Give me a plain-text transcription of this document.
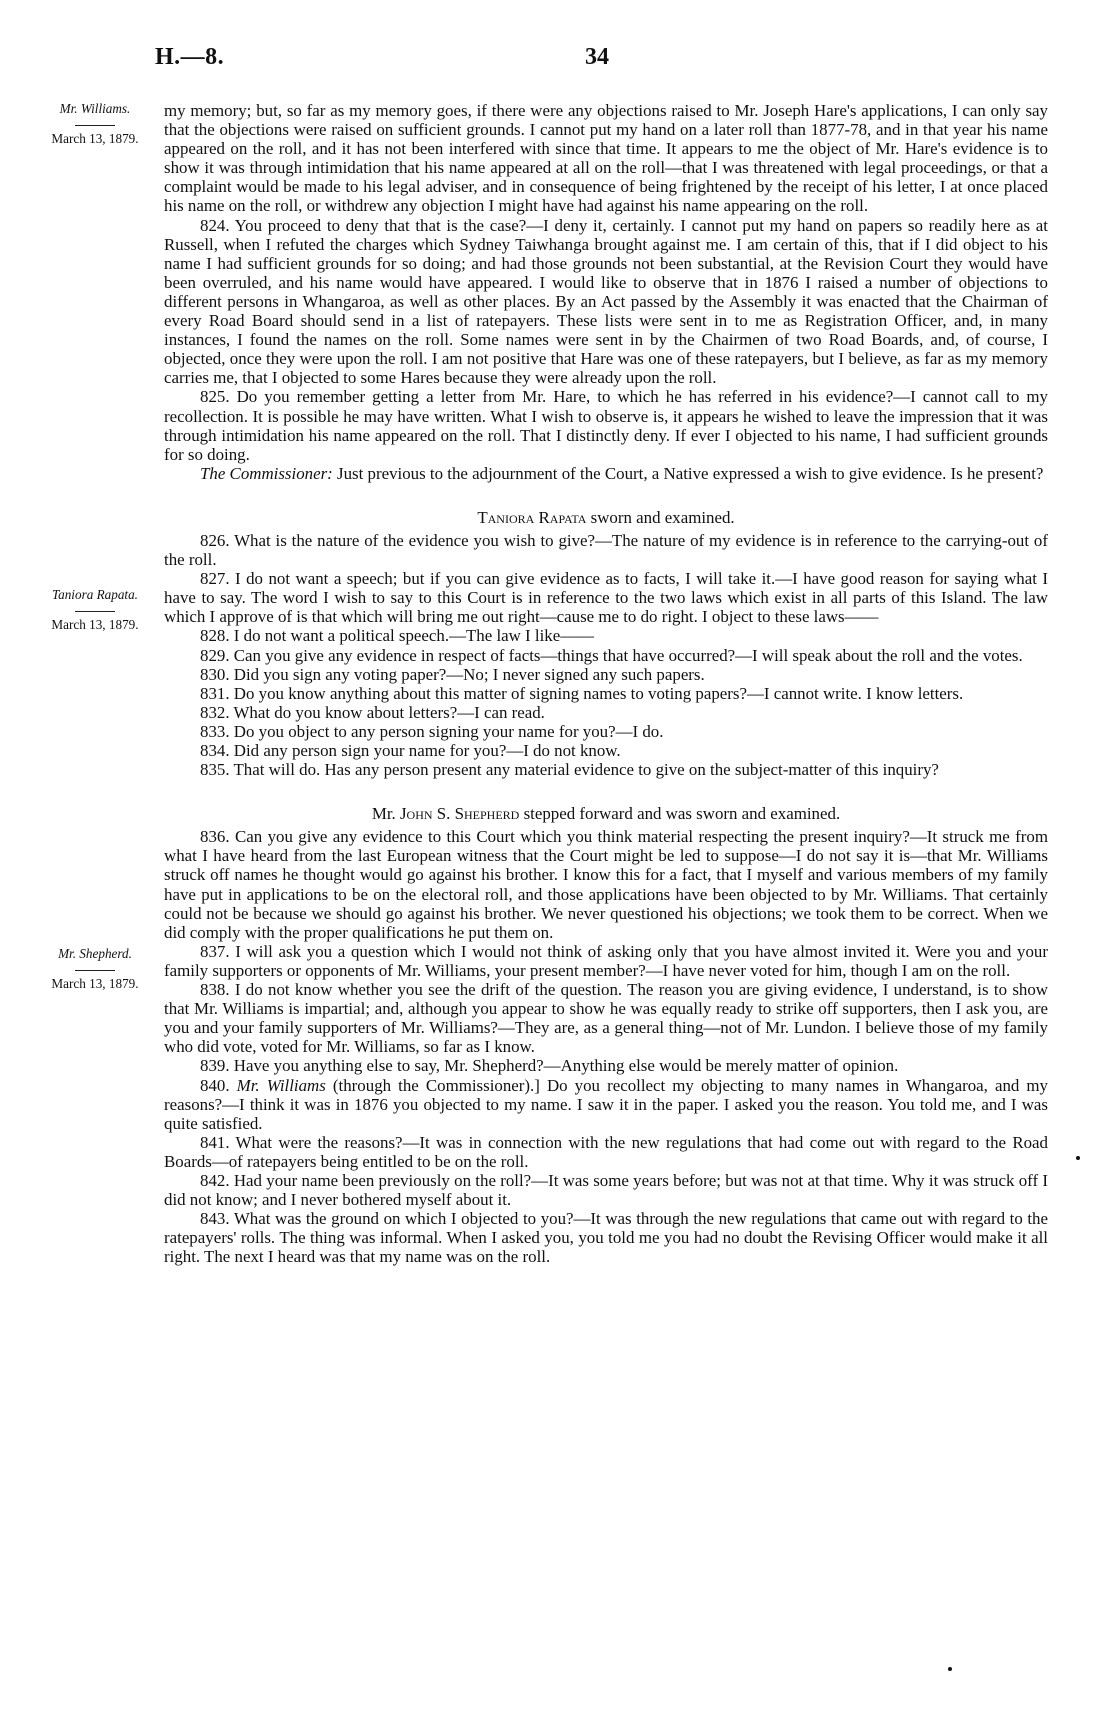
H.—8.	34
Mr. Williams.
March 13, 1879.
Taniora Rapata.
March 13, 1879.
Mr. Shepherd.
March 13, 1879.

my memory; but, so far as my memory goes, if there were any objections raised to Mr. Joseph Hare's applications, I can only say that the objections were raised on sufficient grounds. I cannot put my hand on a later roll than 1877-78, and in that year his name appeared on the roll, and it has not been interfered with since that time. It appears to me the object of Mr. Hare's evidence is to show it was through intimidation that his name appeared at all on the roll—that I was threatened with legal proceedings, or that a complaint would be made to his legal adviser, and in consequence of being frightened by the receipt of his letter, I at once placed his name on the roll, or withdrew any objection I might have had against his name appearing on the roll.

824. You proceed to deny that that is the case?—I deny it, certainly. I cannot put my hand on papers so readily here as at Russell, when I refuted the charges which Sydney Taiwhanga brought against me. I am certain of this, that if I did object to his name I had sufficient grounds for so doing; and had those grounds not been substantial, at the Revision Court they would have been overruled, and his name would have appeared. I would like to observe that in 1876 I raised a number of objections to different persons in Whangaroa, as well as other places. By an Act passed by the Assembly it was enacted that the Chairman of every Road Board should send in a list of ratepayers. These lists were sent in to me as Registration Officer, and, in many instances, I found the names on the roll. Some names were sent in by the Chairmen of two Road Boards, and, of course, I objected, once they were upon the roll. I am not positive that Hare was one of these ratepayers, but I believe, as far as my memory carries me, that I objected to some Hares because they were already upon the roll.

825. Do you remember getting a letter from Mr. Hare, to which he has referred in his evidence?—I cannot call to my recollection. It is possible he may have written. What I wish to observe is, it appears he wished to leave the impression that it was through intimidation his name appeared on the roll. That I distinctly deny. If ever I objected to his name, I had sufficient grounds for so doing.

The Commissioner: Just previous to the adjournment of the Court, a Native expressed a wish to give evidence. Is he present?

Taniora Rapata sworn and examined.

826. What is the nature of the evidence you wish to give?—The nature of my evidence is in reference to the carrying-out of the roll.

827. I do not want a speech; but if you can give evidence as to facts, I will take it.—I have good reason for saying what I have to say. The word I wish to say to this Court is in reference to the two laws which exist in all parts of this Island. The law which I approve of is that which will bring me out right—cause me to do right. I object to these laws——

828. I do not want a political speech.—The law I like——

829. Can you give any evidence in respect of facts—things that have occurred?—I will speak about the roll and the votes.

830. Did you sign any voting paper?—No; I never signed any such papers.

831. Do you know anything about this matter of signing names to voting papers?—I cannot write. I know letters.

832. What do you know about letters?—I can read.

833. Do you object to any person signing your name for you?—I do.

834. Did any person sign your name for you?—I do not know.

835. That will do. Has any person present any material evidence to give on the subject-matter of this inquiry?

Mr. John S. Shepherd stepped forward and was sworn and examined.

836. Can you give any evidence to this Court which you think material respecting the present inquiry?—It struck me from what I have heard from the last European witness that the Court might be led to suppose—I do not say it is—that Mr. Williams struck off names he thought would go against his brother. I know this for a fact, that I myself and various members of my family have put in applications to be on the electoral roll, and those applications have been objected to by Mr. Williams. That certainly could not be because we should go against his brother. We never questioned his objections; we took them to be correct. When we did comply with the proper qualifications he put them on.

837. I will ask you a question which I would not think of asking only that you have almost invited it. Were you and your family supporters or opponents of Mr. Williams, your present member?—I have never voted for him, though I am on the roll.

838. I do not know whether you see the drift of the question. The reason you are giving evidence, I understand, is to show that Mr. Williams is impartial; and, although you appear to show he was equally ready to strike off supporters, then I ask you, are you and your family supporters of Mr. Williams?—They are, as a general thing—not of Mr. Lundon. I believe those of my family who did vote, voted for Mr. Williams, so far as I know.

839. Have you anything else to say, Mr. Shepherd?—Anything else would be merely matter of opinion.

840. Mr. Williams (through the Commissioner).] Do you recollect my objecting to many names in Whangaroa, and my reasons?—I think it was in 1876 you objected to my name. I saw it in the paper. I asked you the reason. You told me, and I was quite satisfied.

841. What were the reasons?—It was in connection with the new regulations that had come out with regard to the Road Boards—of ratepayers being entitled to be on the roll.

842. Had your name been previously on the roll?—It was some years before; but was not at that time. Why it was struck off I did not know; and I never bothered myself about it.

843. What was the ground on which I objected to you?—It was through the new regulations that came out with regard to the ratepayers' rolls. The thing was informal. When I asked you, you told me you had no doubt the Revising Officer would make it all right. The next I heard was that my name was on the roll.
